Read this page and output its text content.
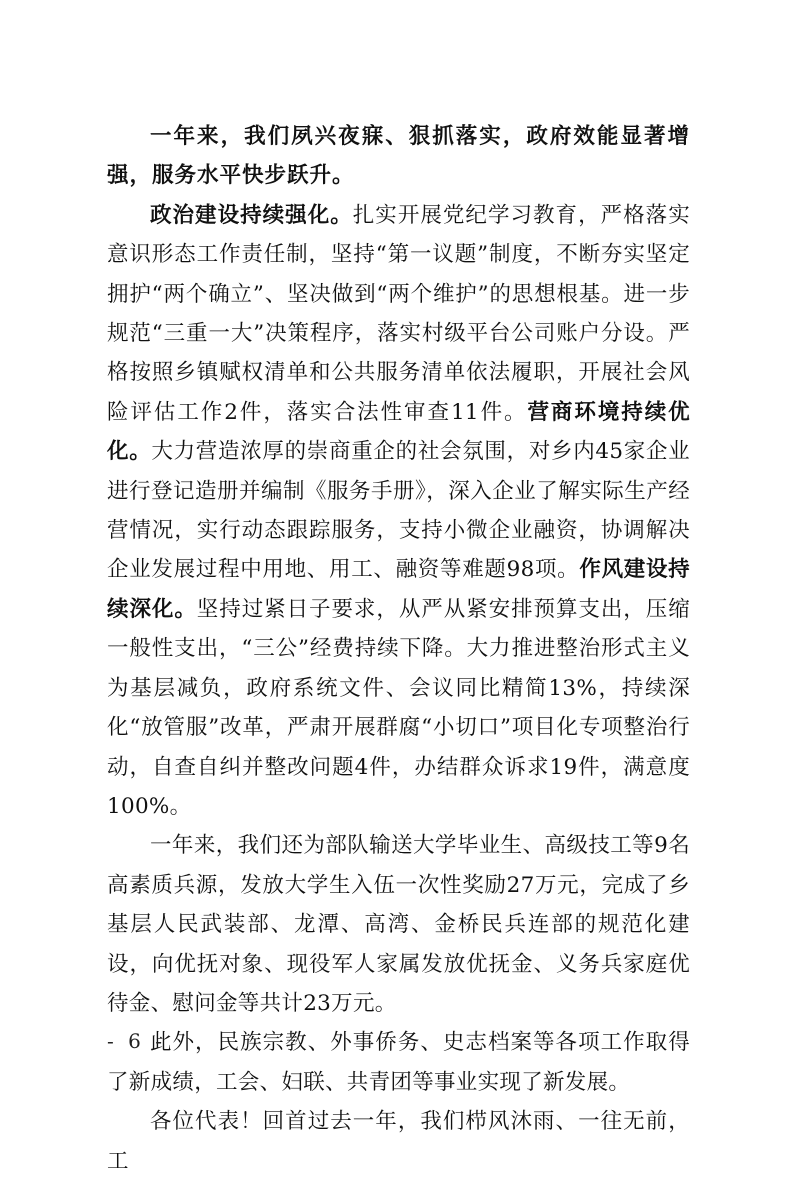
一年来，我们夙兴夜寐、狠抓落实，政府效能显著增强，服务水平快步跃升。

政治建设持续强化。扎实开展党纪学习教育，严格落实意识形态工作责任制，坚持“第一议题”制度，不断夯实坚定拥护“两个确立”、坚决做到“两个维护”的思想根基。进一步规范“三重一大”决策程序，落实村级平台公司账户分设。严格按照乡镇赋权清单和公共服务清单依法履职，开展社会风险评估工作2件，落实合法性审查11件。营商环境持续优化。大力营造浓厚的崇商重企的社会氛围，对乡内45家企业进行登记造册并编制《服务手册》，深入企业了解实际生产经营情况，实行动态跟踪服务，支持小微企业融资，协调解决企业发展过程中用地、用工、融资等难题98项。作风建设持续深化。坚持过紧日子要求，从严从紧安排预算支出，压缩一般性支出，“三公”经费持续下降。大力推进整治形式主义为基层减负，政府系统文件、会议同比精简13%，持续深化“放管服”改革，严肃开展群腐“小切口”项目化专项整治行动，自查自纠并整改问题4件，办结群众诉求19件，满意度100%。

一年来，我们还为部队输送大学毕业生、高级技工等9名高素质兵源，发放大学生入伍一次性奖励27万元，完成了乡基层人民武装部、龙潭、高湾、金桥民兵连部的规范化建设，向优抚对象、现役军人家属发放优抚金、义务兵家庭优待金、慰问金等共计23万元。

此外，民族宗教、外事侨务、史志档案等各项工作取得了新成绩，工会、妇联、共青团等事业实现了新发展。

各位代表！回首过去一年，我们栉风沐雨、一往无前，工

- 6 -
